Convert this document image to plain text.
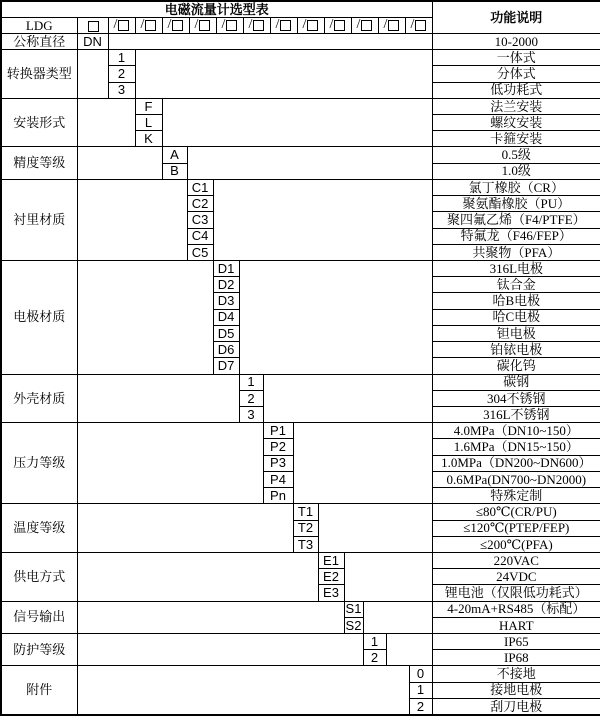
电磁流量计选型表															功能说明
LDG		/ / / / / / / / / / / /

公称直径	DN														10-2000
转换器类型		1													一体式
		2													分体式
		3													低功耗式
安装形式			F												法兰安装
			L												螺纹安装
			K												卡箍安装
精度等级				A											0.5级
				B											1.0级
衬里材质					C1										氯丁橡胶（CR）
					C2										聚氨酯橡胶（PU）
					C3										聚四氟乙烯（F4/PTFE）
					C4										特氟龙（F46/FEP）
					C5										共聚物（PFA）
电极材质						D1									316L电极
						D2									钛合金
						D3									哈B电极
						D4									哈C电极
						D5									钽电极
						D6									铂铱电极
						D7									碳化钨
外壳材质							1								碳钢
							2								304不锈钢
							3								316L不锈钢
压力等级								P1							4.0MPa（DN10~150）
								P2							1.6MPa（DN15~150）
								P3							1.0MPa（DN200~DN600）
								P4							0.6MPa(DN700~DN2000)
								Pn							特殊定制
温度等级									T1						≤80℃(CR/PU)
									T2						≤120℃(PTEP/FEP)
									T3						≤200℃(PFA)
供电方式										E1					220VAC
										E2					24VDC
										E3					锂电池（仅限低功耗式）
信号输出											S1				4-20mA+RS485（标配）
											S2				HART
防护等级												1			IP65
												2			IP68
附件														0	不接地
														1	接地电极
														2	刮刀电极
